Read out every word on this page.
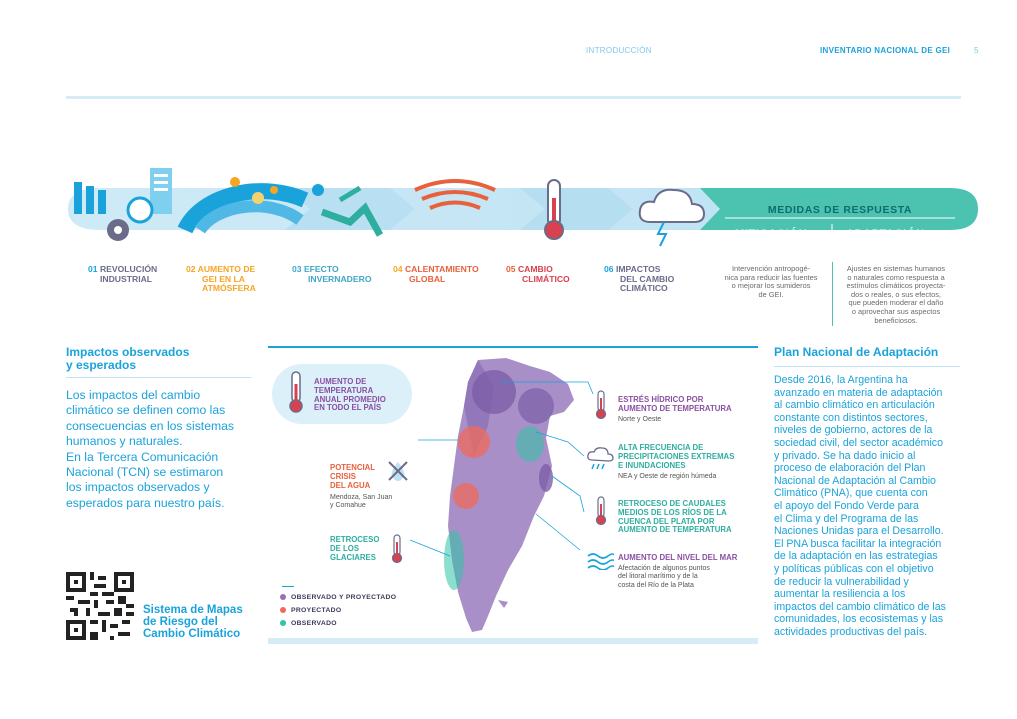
INTRODUCCIÓN	INVENTARIO NACIONAL DE GEI	5
MEDIDAS DE RESPUESTA
MITIGACIÓN	ADAPTACIÓN
01 REVOLUCIÓN
INDUSTRIAL
02 AUMENTO DE
GEI EN LA
ATMÓSFERA
03 EFECTO
INVERNADERO
04 CALENTAMIENTO
GLOBAL
05 CAMBIO
CLIMÁTICO
06 IMPACTOS
DEL CAMBIO
CLIMÁTICO
Intervención antropogé-
nica para reducir las fuentes
o mejorar los sumideros
de GEI.
Ajustes en sistemas humanos
o naturales como respuesta a
estímulos climáticos proyecta-
dos o reales, o sus efectos,
que pueden moderar el daño
o aprovechar sus aspectos
beneficiosos.
Impactos observados
y esperados
Los impactos del cambio
climático se definen como las
consecuencias en los sistemas
humanos y naturales.
En la Tercera Comunicación
Nacional (TCN) se estimaron
los impactos observados y
esperados para nuestro país.
Sistema de Mapas
de Riesgo del
Cambio Climático
AUMENTO DE
TEMPERATURA
ANUAL PROMEDIO
EN TODO EL PAÍS
POTENCIAL
CRISIS
DEL AGUA
Mendoza, San Juan
y Comahue
RETROCESO
DE LOS
GLACIARES
ESTRÉS HÍDRICO POR
AUMENTO DE TEMPERATURA
Norte y Oeste
ALTA FRECUENCIA DE
PRECIPITACIONES EXTREMAS
E INUNDACIONES
NEA y Oeste de región húmeda
RETROCESO DE CAUDALES
MEDIOS DE LOS RÍOS DE LA
CUENCA DEL PLATA POR
AUMENTO DE TEMPERATURA
AUMENTO DEL NIVEL DEL MAR
Afectación de algunos puntos
del litoral marítimo y de la
costa del Río de la Plata
OBSERVADO Y PROYECTADO
PROYECTADO
OBSERVADO
Plan Nacional de Adaptación
Desde 2016, la Argentina ha
avanzado en materia de adaptación
al cambio climático en articulación
constante con distintos sectores,
niveles de gobierno, actores de la
sociedad civil, del sector académico
y privado. Se ha dado inicio al
proceso de elaboración del Plan
Nacional de Adaptación al Cambio
Climático (PNA), que cuenta con
el apoyo del Fondo Verde para
el Clima y del Programa de las
Naciones Unidas para el Desarrollo.
El PNA busca facilitar la integración
de la adaptación en las estrategias
y políticas públicas con el objetivo
de reducir la vulnerabilidad y
aumentar la resiliencia a los
impactos del cambio climático de las
comunidades, los ecosistemas y las
actividades productivas del país.
